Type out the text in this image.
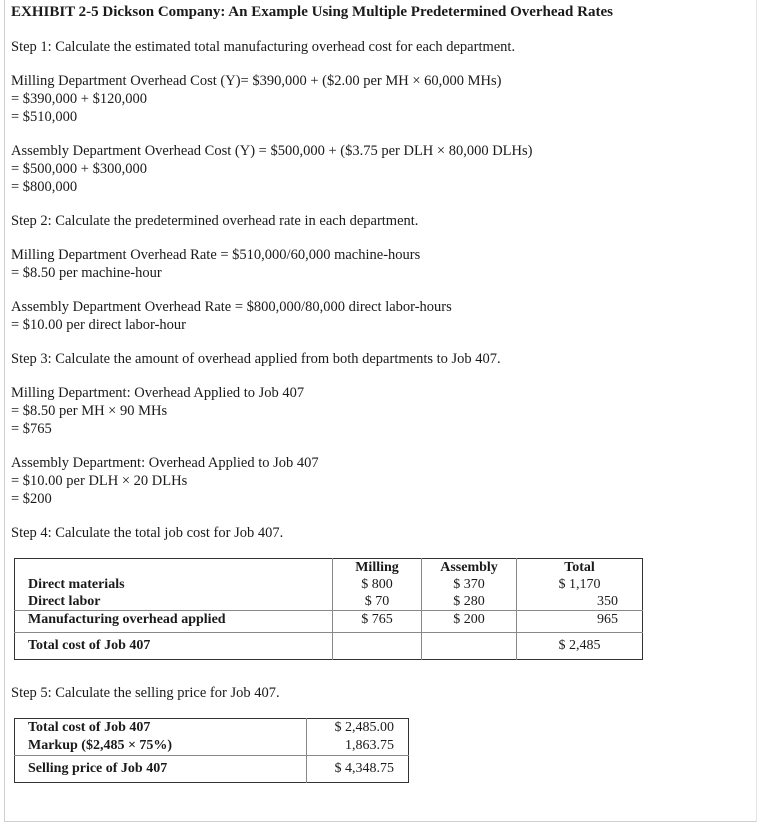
EXHIBIT 2-5 Dickson Company: An Example Using Multiple Predetermined Overhead Rates
Step 1: Calculate the estimated total manufacturing overhead cost for each department.
Milling Department Overhead Cost (Y)= $390,000 + ($2.00 per MH × 60,000 MHs)
= $390,000 + $120,000
= $510,000
Assembly Department Overhead Cost (Y) = $500,000 + ($3.75 per DLH × 80,000 DLHs)
= $500,000 + $300,000
= $800,000
Step 2: Calculate the predetermined overhead rate in each department.
Milling Department Overhead Rate = $510,000/60,000 machine-hours
= $8.50 per machine-hour
Assembly Department Overhead Rate = $800,000/80,000 direct labor-hours
= $10.00 per direct labor-hour
Step 3: Calculate the amount of overhead applied from both departments to Job 407.
Milling Department: Overhead Applied to Job 407
= $8.50 per MH × 90 MHs
= $765
Assembly Department: Overhead Applied to Job 407
= $10.00 per DLH × 20 DLHs
= $200
Step 4: Calculate the total job cost for Job 407.
	Milling	Assembly	Total
Direct materials	$ 800	$ 370	$ 1,170
Direct labor	$ 70	$ 280	350
Manufacturing overhead applied	$ 765	$ 200	965
Total cost of Job 407			$ 2,485
Step 5: Calculate the selling price for Job 407.
Total cost of Job 407	$ 2,485.00
Markup ($2,485 × 75%)	1,863.75
Selling price of Job 407	$ 4,348.75
